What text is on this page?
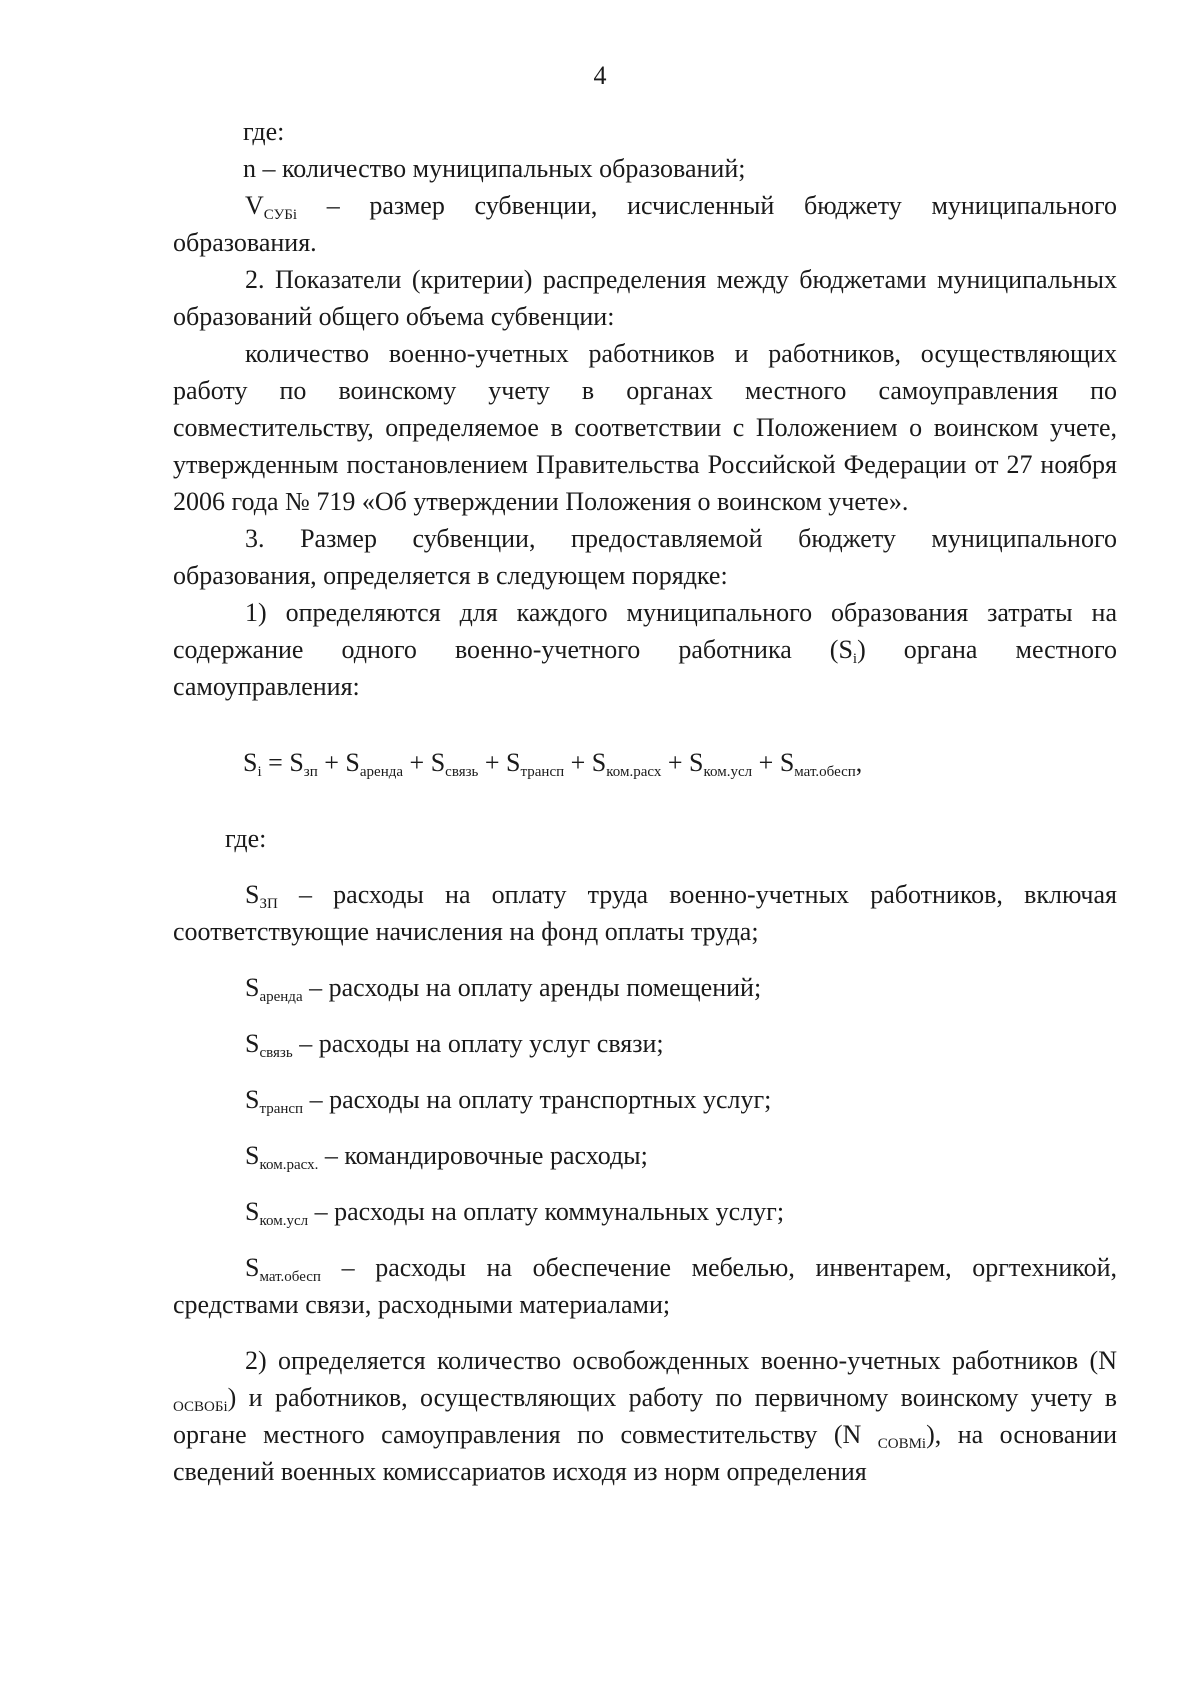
4

где:

n – количество муниципальных образований;

$V_{СУБi}$ – размер субвенции, исчисленный бюджету муниципального образования.

2. Показатели (критерии) распределения между бюджетами муниципальных образований общего объема субвенции:

количество военно-учетных работников и работников, осуществляющих работу по воинскому учету в органах местного самоуправления по совместительству, определяемое в соответствии с Положением о воинском учете, утвержденным постановлением Правительства Российской Федерации от 27 ноября 2006 года № 719 «Об утверждении Положения о воинском учете».

3. Размер субвенции, предоставляемой бюджету муниципального образования, определяется в следующем порядке:

1) определяются для каждого муниципального образования затраты на содержание одного военно-учетного работника $(S_i)$ органа местного самоуправления:

$S_i = S_{зп} + S_{аренда} + S_{связь} + S_{трансп} + S_{ком.расх} + S_{ком.усл} + S_{мат.обесп}$,

где:

$S_{ЗП}$ – расходы на оплату труда военно-учетных работников, включая соответствующие начисления на фонд оплаты труда;

$S_{аренда}$ – расходы на оплату аренды помещений;

$S_{связь}$ – расходы на оплату услуг связи;

$S_{трансп}$ – расходы на оплату транспортных услуг;

$S_{ком.расх.}$ – командировочные расходы;

$S_{ком.усл}$ – расходы на оплату коммунальных услуг;

$S_{мат.обесп}$ – расходы на обеспечение мебелью, инвентарем, оргтехникой, средствами связи, расходными материалами;

2) определяется количество освобожденных военно-учетных работников (N $_{ОСВОБi}$) и работников, осуществляющих работу по первичному воинскому учету в органе местного самоуправления по совместительству (N $_{СОВМi}$), на основании сведений военных комиссариатов исходя из норм определения
